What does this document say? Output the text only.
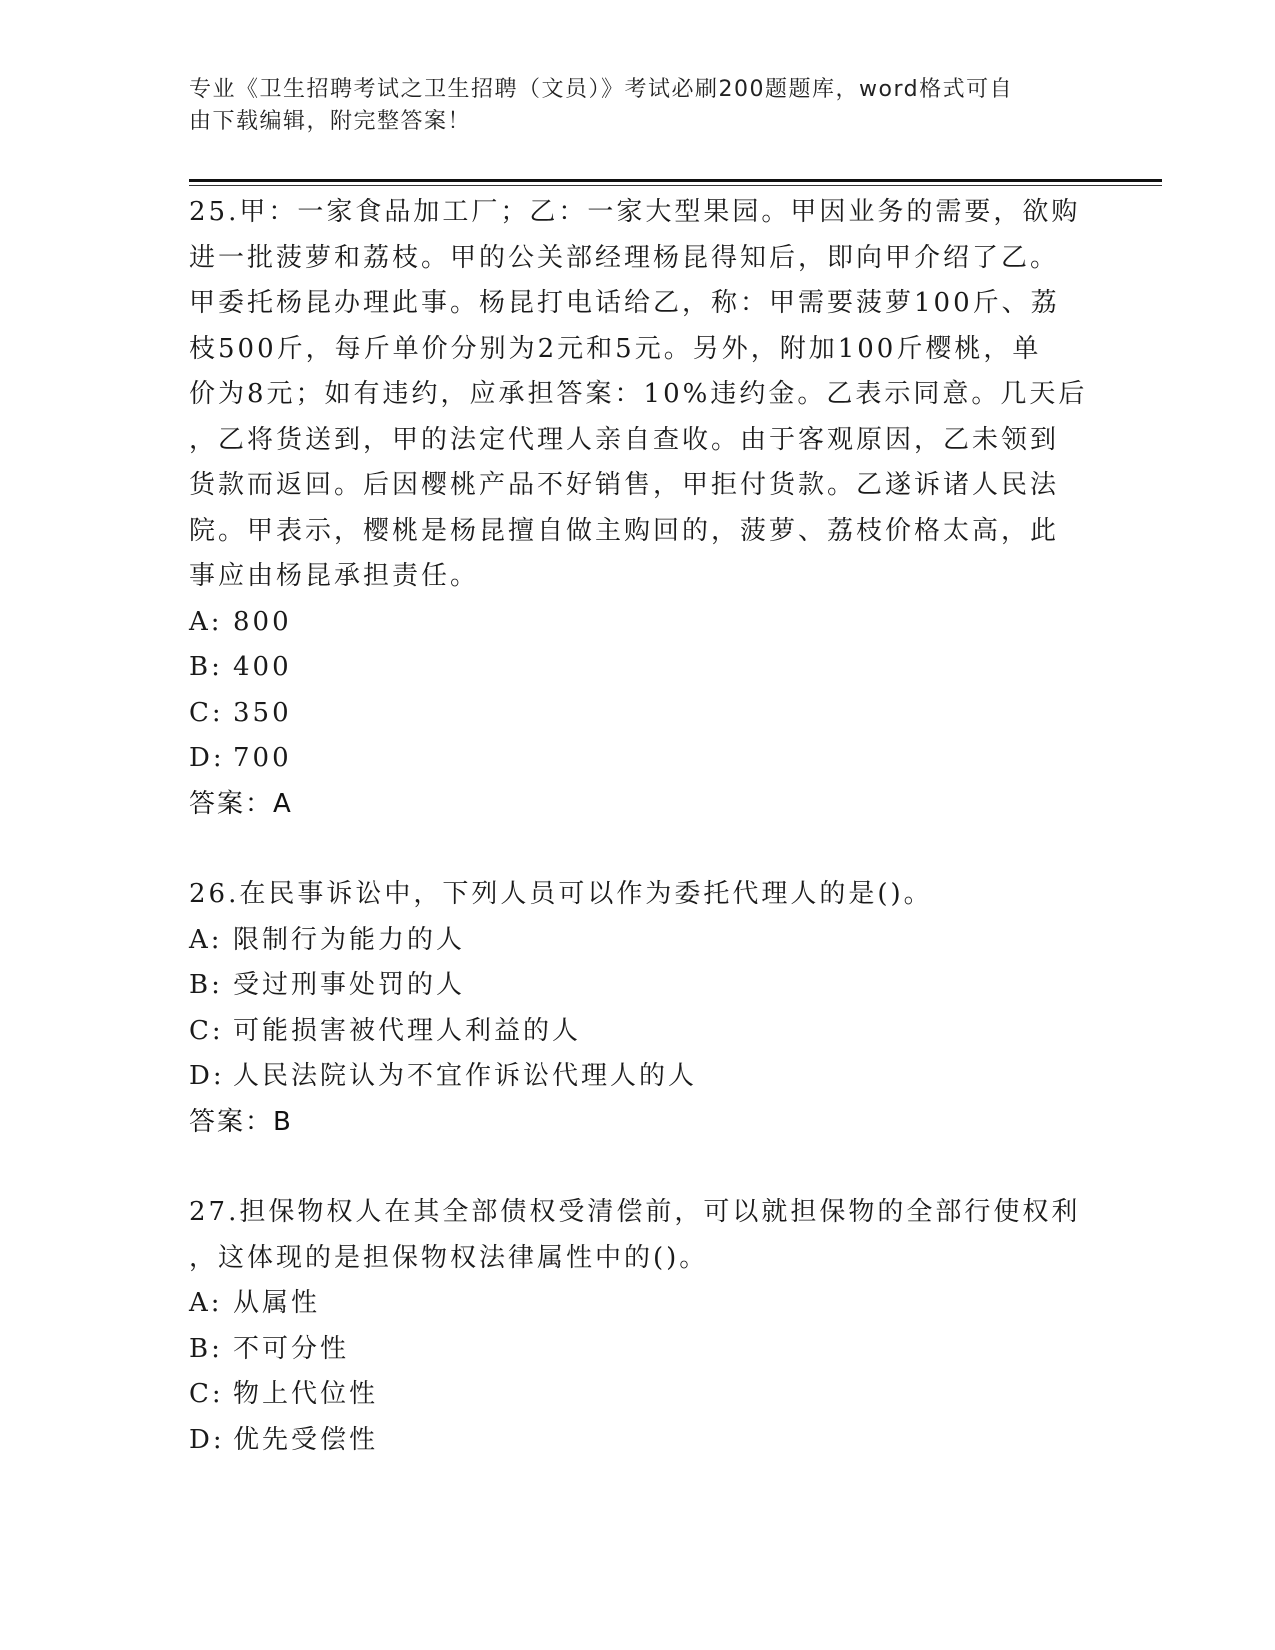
专业《卫生招聘考试之卫生招聘（文员）》考试必刷200题题库，word格式可自
由下载编辑，附完整答案！
25.甲：一家食品加工厂；乙：一家大型果园。甲因业务的需要，欲购
进一批菠萝和荔枝。甲的公关部经理杨昆得知后，即向甲介绍了乙。
甲委托杨昆办理此事。杨昆打电话给乙，称：甲需要菠萝100斤、荔
枝500斤，每斤单价分别为2元和5元。另外，附加100斤樱桃，单
价为8元；如有违约，应承担答案：10%违约金。乙表示同意。几天后
，乙将货送到，甲的法定代理人亲自查收。由于客观原因，乙未领到
货款而返回。后因樱桃产品不好销售，甲拒付货款。乙遂诉诸人民法
院。甲表示，樱桃是杨昆擅自做主购回的，菠萝、荔枝价格太高，此
事应由杨昆承担责任。
A: 800
B: 400
C: 350
D: 700
答案：A
26.在民事诉讼中，下列人员可以作为委托代理人的是()。
A: 限制行为能力的人
B: 受过刑事处罚的人
C: 可能损害被代理人利益的人
D: 人民法院认为不宜作诉讼代理人的人
答案：B
27.担保物权人在其全部债权受清偿前，可以就担保物的全部行使权利
，这体现的是担保物权法律属性中的()。
A: 从属性
B: 不可分性
C: 物上代位性
D: 优先受偿性
